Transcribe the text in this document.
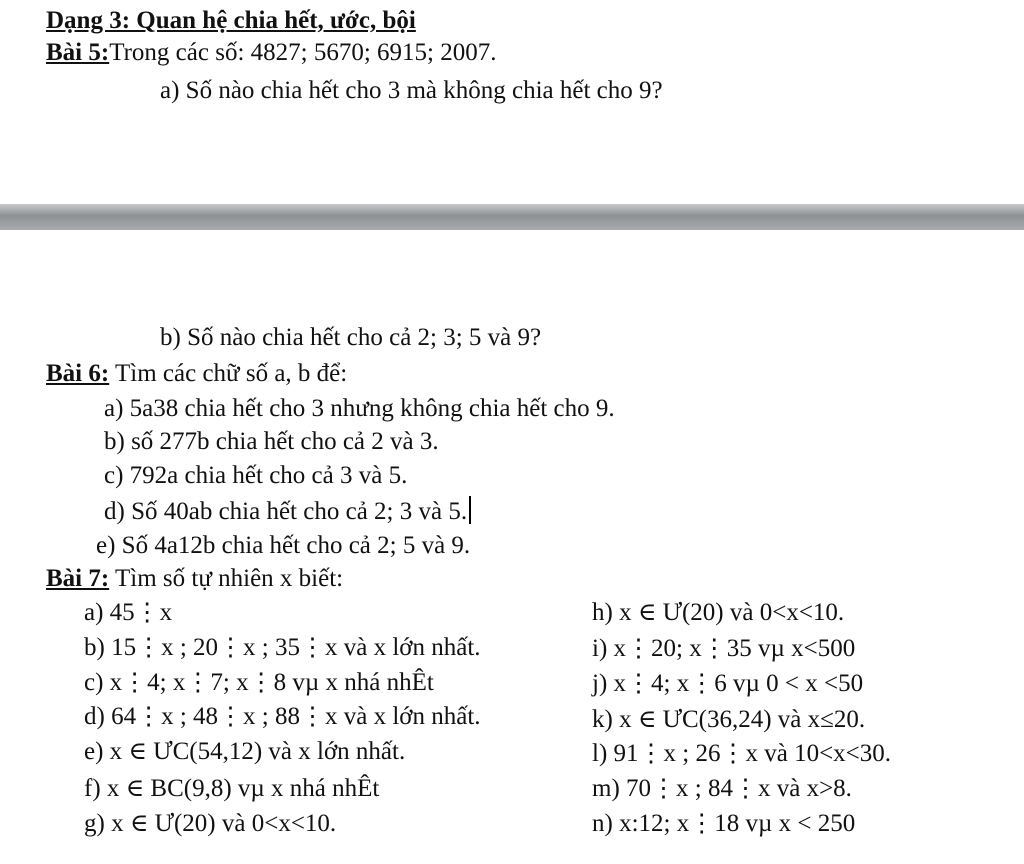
Dạng 3: Quan hệ chia hết, ước, bội
Bài 5:Trong các số: 4827; 5670; 6915; 2007.
a) Số nào chia hết cho 3 mà không chia hết cho 9?
b) Số nào chia hết cho cả 2; 3; 5 và 9?
Bài 6: Tìm các chữ số a, b để:
a) 5a38 chia hết cho 3 nhưng không chia hết cho 9.
b) số 277b chia hết cho cả 2 và 3.
c) 792a chia hết cho cả 3 và 5.
d) Số 40ab chia hết cho cả 2; 3 và 5.
e) Số 4a12b chia hết cho cả 2; 5 và 9.
Bài 7: Tìm số tự nhiên x biết:
a) 45⋮x
b) 15⋮x ; 20⋮x ; 35⋮x và x lớn nhất.
c) x⋮4; x⋮7; x⋮8 vµ x nhá nhÊt
d) 64⋮x ; 48⋮x ; 88⋮x và x lớn nhất.
e) x ∈ ƯC(54,12) và x lớn nhất.
f) x ∈ BC(9,8) vµ x nhá nhÊt
g) x ∈ Ư(20) và 0<x<10.
h) x ∈ Ư(20) và 0<x<10.
i) x⋮20; x⋮35 vµ x<500
j) x⋮4; x⋮6 vµ 0 < x <50
k) x ∈ ƯC(36,24) và x≤20.
l) 91⋮x ; 26⋮x và 10<x<30.
m) 70⋮x ; 84⋮x và x>8.
n) x:12; x⋮18 vµ x < 250
